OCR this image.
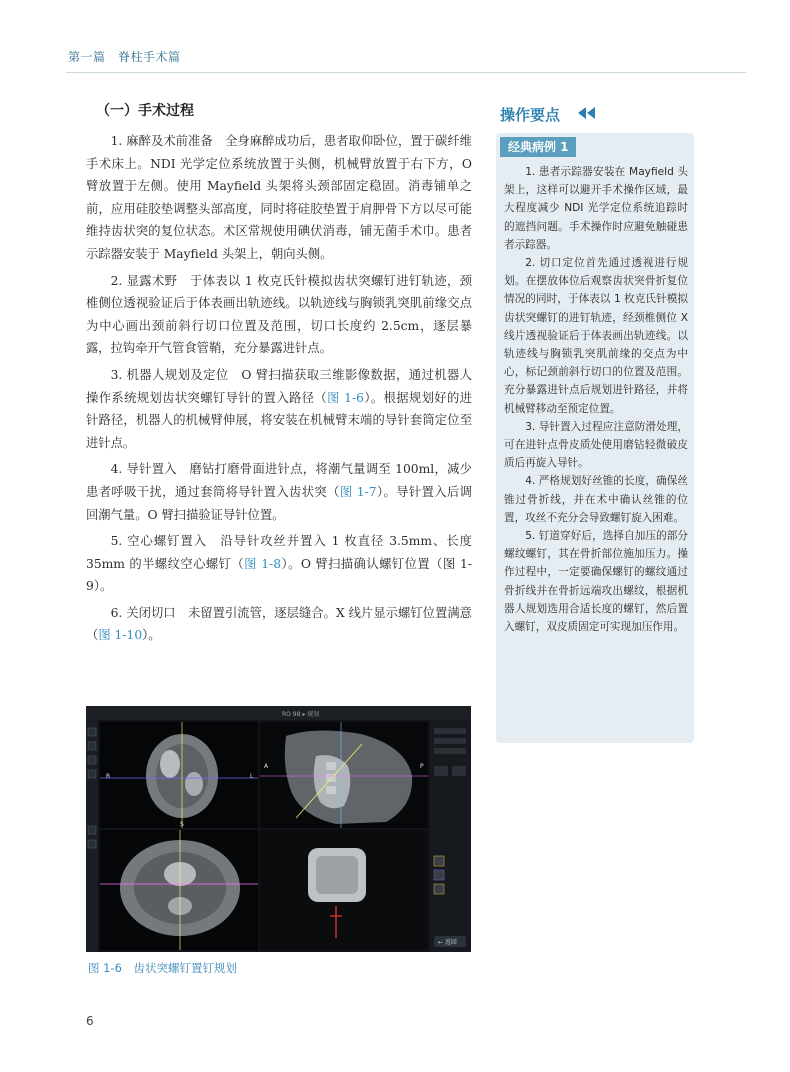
第一篇　脊柱手术篇
（一）手术过程

1. 麻醉及术前准备　全身麻醉成功后，患者取仰卧位，置于碳纤维手术床上。NDI 光学定位系统放置于头侧，机械臂放置于右下方，O 臂放置于左侧。使用 Mayfield 头架将头颈部固定稳固。消毒铺单之前，应用硅胶垫调整头部高度，同时将硅胶垫置于肩胛骨下方以尽可能维持齿状突的复位状态。术区常规使用碘伏消毒，铺无菌手术巾。患者示踪器安装于 Mayfield 头架上，朝向头侧。

2. 显露术野　于体表以 1 枚克氏针模拟齿状突螺钉进钉轨迹，颈椎侧位透视验证后于体表画出轨迹线。以轨迹线与胸锁乳突肌前缘交点为中心画出颈前斜行切口位置及范围，切口长度约 2.5cm，逐层暴露，拉钩牵开气管食管鞘，充分暴露进针点。

3. 机器人规划及定位　O 臂扫描获取三维影像数据，通过机器人操作系统规划齿状突螺钉导针的置入路径（图 1-6）。根据规划好的进针路径，机器人的机械臂伸展，将安装在机械臂末端的导针套筒定位至进针点。

4. 导针置入　磨钻打磨骨面进针点，将潮气量调至 100ml，减少患者呼吸干扰，通过套筒将导针置入齿状突（图 1-7）。导针置入后调回潮气量。O 臂扫描验证导针位置。

5. 空心螺钉置入　沿导针攻丝并置入 1 枚直径 3.5mm、长度 35mm 的半螺纹空心螺钉（图 1-8）。O 臂扫描确认螺钉位置（图 1-9）。

6. 关闭切口　未留置引流管，逐层缝合。X 线片显示螺钉位置满意（图 1-10）。

RO 98 ▸ 规划
R	L
S
A	P
← 返回
图 1-6　齿状突螺钉置钉规划
6
操作要点
经典病例 1

1. 患者示踪器安装在 Mayfield 头架上，这样可以避开手术操作区域，最大程度减少 NDI 光学定位系统追踪时的遮挡问题。手术操作时应避免触碰患者示踪器。

2. 切口定位首先通过透视进行规划。在摆放体位后观察齿状突骨折复位情况的同时，于体表以 1 枚克氏针模拟齿状突螺钉的进钉轨迹，经颈椎侧位 X 线片透视验证后于体表画出轨迹线。以轨迹线与胸锁乳突肌前缘的交点为中心，标记颈前斜行切口的位置及范围。充分暴露进针点后规划进针路径，并将机械臂移动至预定位置。

3. 导针置入过程应注意防滑处理，可在进针点骨皮质处使用磨钻轻微破皮质后再旋入导针。

4. 严格规划好丝锥的长度，确保丝锥过骨折线，并在术中确认丝锥的位置，攻丝不充分会导致螺钉旋入困难。

5. 钉道穿好后，选择自加压的部分螺纹螺钉，其在骨折部位施加压力。操作过程中，一定要确保螺钉的螺纹通过骨折线并在骨折远端攻出螺纹，根据机器人规划选用合适长度的螺钉，然后置入螺钉，双皮质固定可实现加压作用。
